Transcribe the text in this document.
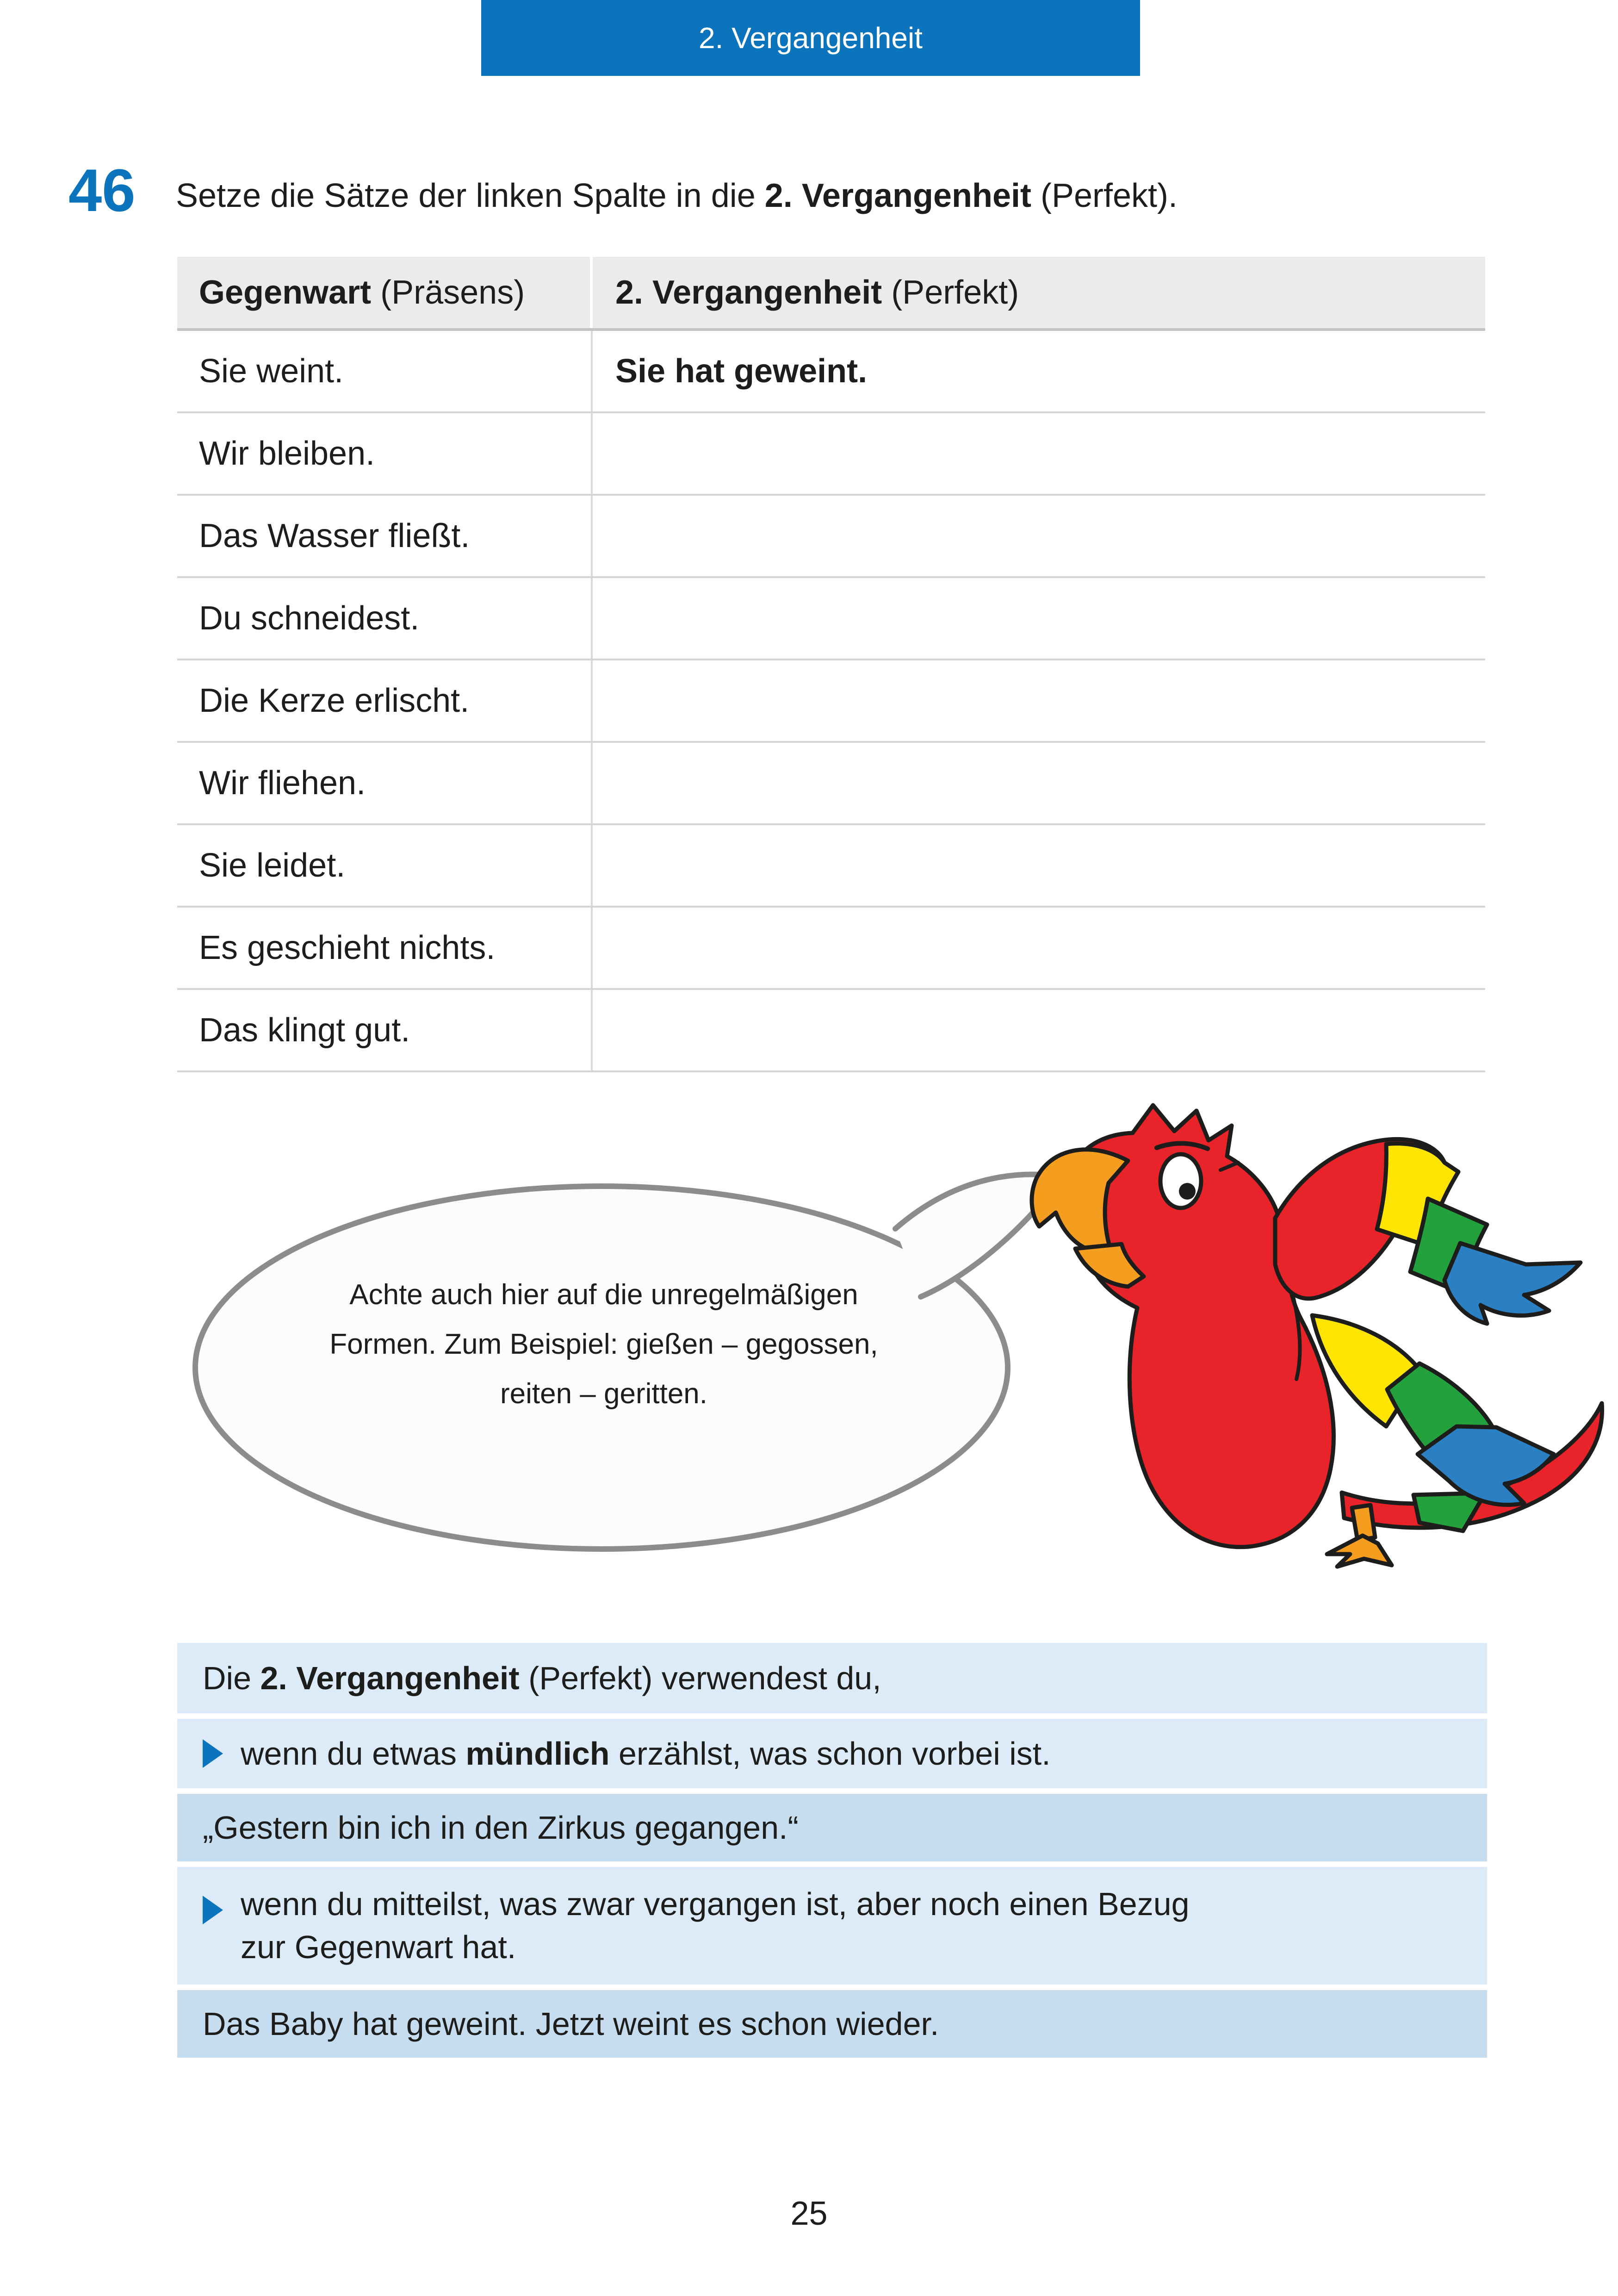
2. Vergangenheit
46 Setze die Sätze der linken Spalte in die 2. Vergangenheit (Perfekt).
Gegenwart (Präsens)	2. Vergangenheit (Perfekt)
Sie weint.	Sie hat geweint.
Wir bleiben.
Das Wasser fließt.
Du schneidest.
Die Kerze erlischt.
Wir fliehen.
Sie leidet.
Es geschieht nichts.
Das klingt gut.
Achte auch hier auf die unregelmäßigen
Formen. Zum Beispiel: gießen – gegossen,
reiten – geritten.
Die 2. Vergangenheit (Perfekt) verwendest du,
wenn du etwas mündlich erzählst, was schon vorbei ist.
„Gestern bin ich in den Zirkus gegangen.“
wenn du mitteilst, was zwar vergangen ist, aber noch einen Bezug
zur Gegenwart hat.
Das Baby hat geweint. Jetzt weint es schon wieder.
25
